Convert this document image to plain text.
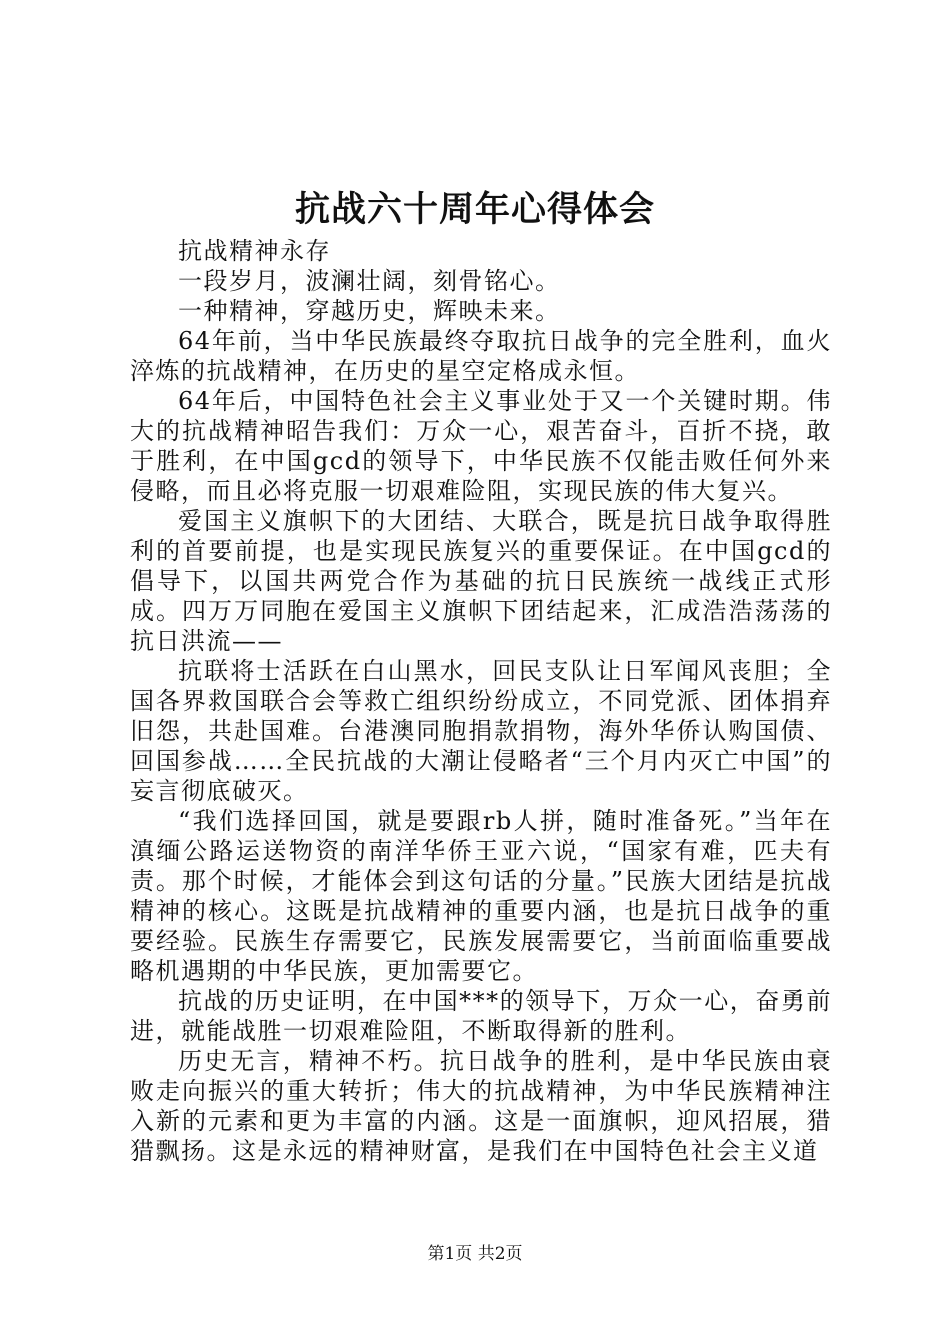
抗战六十周年心得体会

抗战精神永存

一段岁月，波澜壮阔，刻骨铭心。

一种精神，穿越历史，辉映未来。

64年前，当中华民族最终夺取抗日战争的完全胜利，血火淬炼的抗战精神，在历史的星空定格成永恒。

64年后，中国特色社会主义事业处于又一个关键时期。伟大的抗战精神昭告我们：万众一心，艰苦奋斗，百折不挠，敢于胜利，在中国gcd的领导下，中华民族不仅能击败任何外来侵略，而且必将克服一切艰难险阻，实现民族的伟大复兴。

爱国主义旗帜下的大团结、大联合，既是抗日战争取得胜利的首要前提，也是实现民族复兴的重要保证。在中国gcd的倡导下，以国共两党合作为基础的抗日民族统一战线正式形成。四万万同胞在爱国主义旗帜下团结起来，汇成浩浩荡荡的抗日洪流——

抗联将士活跃在白山黑水，回民支队让日军闻风丧胆；全国各界救国联合会等救亡组织纷纷成立，不同党派、团体捐弃旧怨，共赴国难。台港澳同胞捐款捐物，海外华侨认购国债、回国参战……全民抗战的大潮让侵略者“三个月内灭亡中国”的妄言彻底破灭。

“我们选择回国，就是要跟rb人拼，随时准备死。”当年在滇缅公路运送物资的南洋华侨王亚六说，“国家有难，匹夫有责。那个时候，才能体会到这句话的分量。”民族大团结是抗战精神的核心。这既是抗战精神的重要内涵，也是抗日战争的重要经验。民族生存需要它，民族发展需要它，当前面临重要战略机遇期的中华民族，更加需要它。

抗战的历史证明，在中国***的领导下，万众一心，奋勇前进，就能战胜一切艰难险阻，不断取得新的胜利。

历史无言，精神不朽。抗日战争的胜利，是中华民族由衰败走向振兴的重大转折；伟大的抗战精神，为中华民族精神注入新的元素和更为丰富的内涵。这是一面旗帜，迎风招展，猎猎飘扬。这是永远的精神财富，是我们在中国特色社会主义道

第1页 共2页
